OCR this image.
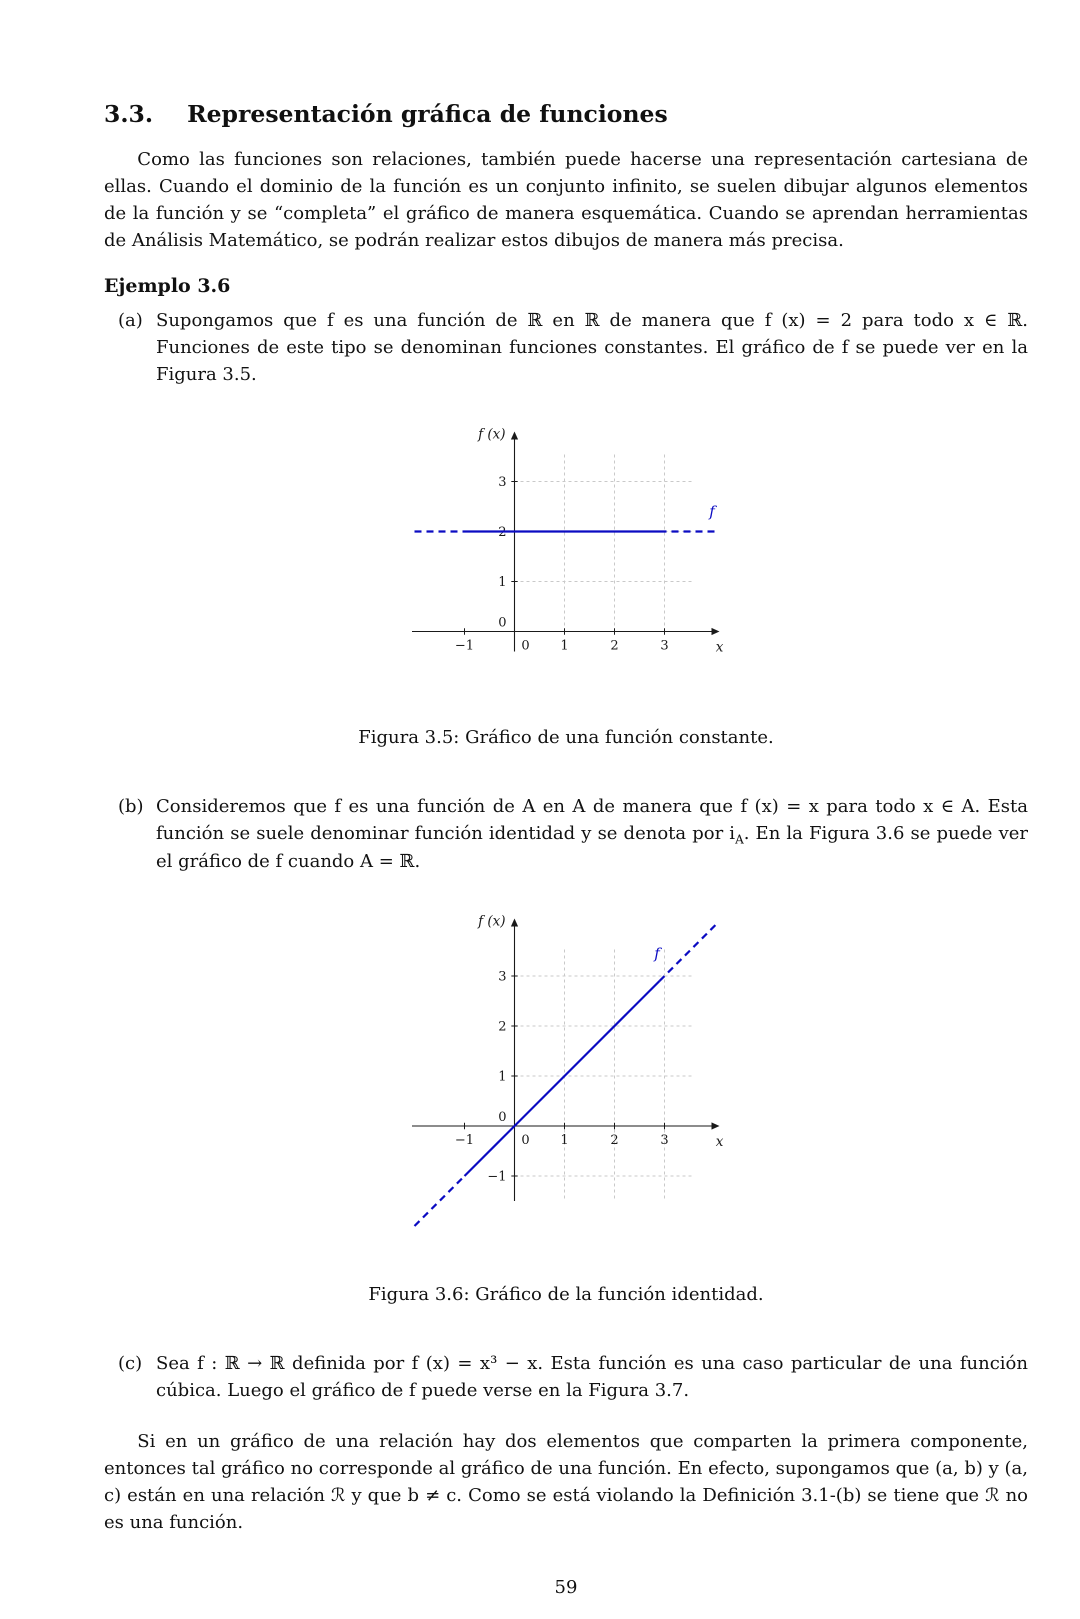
3.3. Representación gráfica de funciones

Como las funciones son relaciones, también puede hacerse una representación cartesiana de ellas. Cuando el dominio de la función es un conjunto infinito, se suelen dibujar algunos elementos de la función y se “completa” el gráfico de manera esquemática. Cuando se aprendan herramientas de Análisis Matemático, se podrán realizar estos dibujos de manera más precisa.

Ejemplo 3.6
(a) Supongamos que f es una función de ℝ en ℝ de manera que f (x) = 2 para todo x ∈ ℝ. Funciones de este tipo se denominan funciones constantes. El gráfico de f se puede ver en la Figura 3.5.

−1	0 1	2	3
0
1
2
3
f (x)
x
f
Figura 3.5: Gráfico de una función constante.
(b) Consideremos que f es una función de A en A de manera que f (x) = x para todo x ∈ A. Esta función se suele denominar función identidad y se denota por $i_A$. En la Figura 3.6 se puede ver el gráfico de f cuando A = ℝ.

−1	0 1	2	3
−1
0
1
2
3
f (x)
x
f
Figura 3.6: Gráfico de la función identidad.
(c) Sea f : ℝ → ℝ definida por f (x) = x³ − x. Esta función es una caso particular de una función cúbica. Luego el gráfico de f puede verse en la Figura 3.7.

Si en un gráfico de una relación hay dos elementos que comparten la primera componente, entonces tal gráfico no corresponde al gráfico de una función. En efecto, supongamos que (a, b) y (a, c) están en una relación ℛ y que b ≠ c. Como se está violando la Definición 3.1-(b) se tiene que ℛ no es una función.

59
